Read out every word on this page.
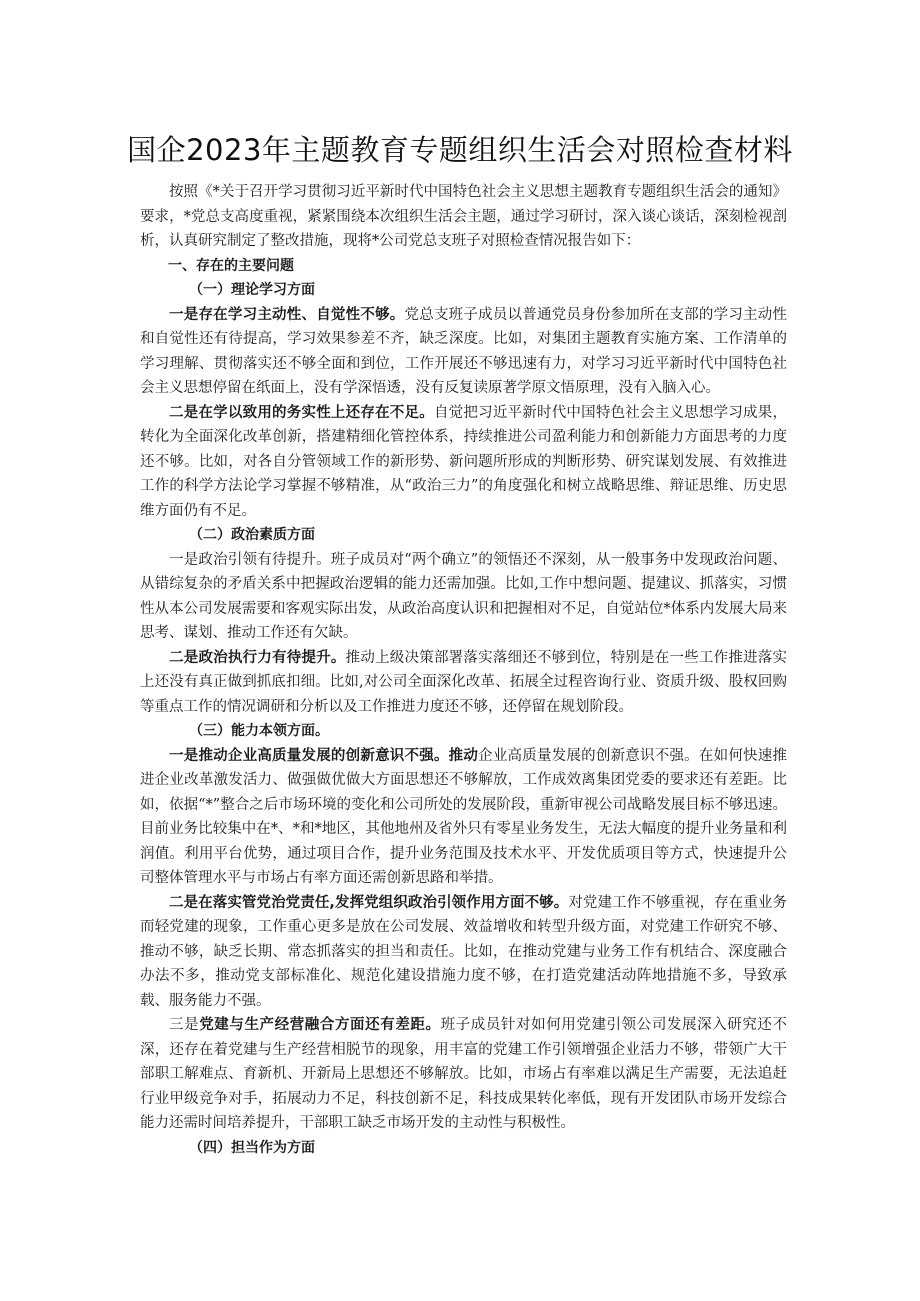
国企2023年主题教育专题组织生活会对照检查材料

按照《*关于召开学习贯彻习近平新时代中国特色社会主义思想主题教育专题组织生活会的通知》要求，*党总支高度重视，紧紧围绕本次组织生活会主题，通过学习研讨，深入谈心谈话，深刻检视剖析，认真研究制定了整改措施，现将*公司党总支班子对照检查情况报告如下：

一、存在的主要问题

（一）理论学习方面

一是存在学习主动性、自觉性不够。党总支班子成员以普通党员身份参加所在支部的学习主动性和自觉性还有待提高，学习效果参差不齐，缺乏深度。比如，对集团主题教育实施方案、工作清单的学习理解、贯彻落实还不够全面和到位，工作开展还不够迅速有力，对学习习近平新时代中国特色社会主义思想停留在纸面上，没有学深悟透，没有反复读原著学原文悟原理，没有入脑入心。

二是在学以致用的务实性上还存在不足。自觉把习近平新时代中国特色社会主义思想学习成果，转化为全面深化改革创新，搭建精细化管控体系，持续推进公司盈利能力和创新能力方面思考的力度还不够。比如，对各自分管领域工作的新形势、新问题所形成的判断形势、研究谋划发展、有效推进工作的科学方法论学习掌握不够精准，从“政治三力”的角度强化和树立战略思维、辩证思维、历史思维方面仍有不足。

（二）政治素质方面

一是政治引领有待提升。班子成员对“两个确立”的领悟还不深刻，从一般事务中发现政治问题、从错综复杂的矛盾关系中把握政治逻辑的能力还需加强。比如,工作中想问题、提建议、抓落实，习惯性从本公司发展需要和客观实际出发，从政治高度认识和把握相对不足，自觉站位*体系内发展大局来思考、谋划、推动工作还有欠缺。

二是政治执行力有待提升。推动上级决策部署落实落细还不够到位，特别是在一些工作推进落实上还没有真正做到抓底扣细。比如,对公司全面深化改革、拓展全过程咨询行业、资质升级、股权回购等重点工作的情况调研和分析以及工作推进力度还不够，还停留在规划阶段。

（三）能力本领方面。

一是推动企业高质量发展的创新意识不强。推动企业高质量发展的创新意识不强。在如何快速推进企业改革激发活力、做强做优做大方面思想还不够解放，工作成效离集团党委的要求还有差距。比如，依据“*”整合之后市场环境的变化和公司所处的发展阶段，重新审视公司战略发展目标不够迅速。目前业务比较集中在*、*和*地区，其他地州及省外只有零星业务发生，无法大幅度的提升业务量和利润值。利用平台优势，通过项目合作，提升业务范围及技术水平、开发优质项目等方式，快速提升公司整体管理水平与市场占有率方面还需创新思路和举措。

二是在落实管党治党责任,发挥党组织政治引领作用方面不够。对党建工作不够重视，存在重业务而轻党建的现象，工作重心更多是放在公司发展、效益增收和转型升级方面，对党建工作研究不够、推动不够，缺乏长期、常态抓落实的担当和责任。比如，在推动党建与业务工作有机结合、深度融合办法不多，推动党支部标准化、规范化建设措施力度不够，在打造党建活动阵地措施不多，导致承载、服务能力不强。

三是党建与生产经营融合方面还有差距。班子成员针对如何用党建引领公司发展深入研究还不深，还存在着党建与生产经营相脱节的现象，用丰富的党建工作引领增强企业活力不够，带领广大干部职工解难点、育新机、开新局上思想还不够解放。比如，市场占有率难以满足生产需要，无法追赶行业甲级竞争对手，拓展动力不足，科技创新不足，科技成果转化率低，现有开发团队市场开发综合能力还需时间培养提升，干部职工缺乏市场开发的主动性与积极性。

（四）担当作为方面
